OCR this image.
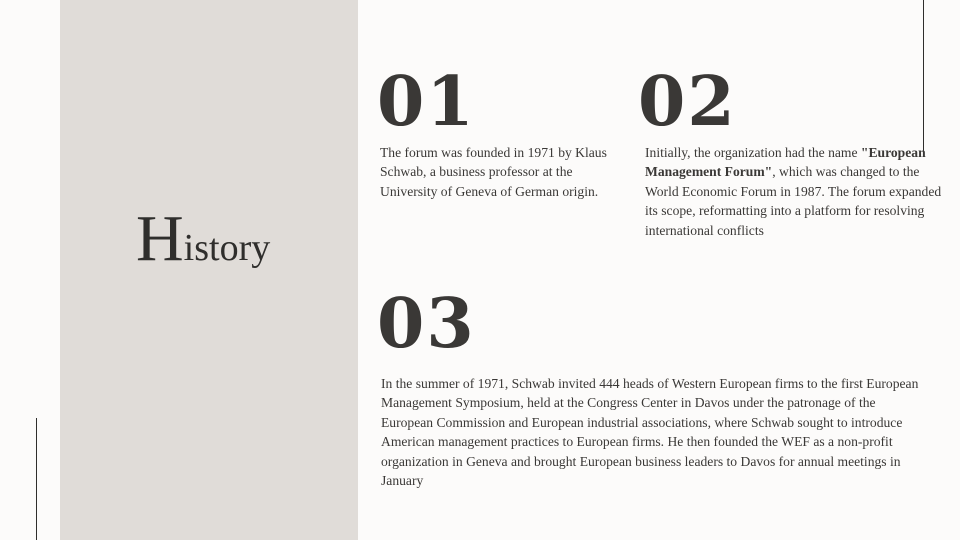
History
01
The forum was founded in 1971 by Klaus Schwab, a business professor at the University of Geneva of German origin.
02
Initially, the organization had the name "European Management Forum", which was changed to the World Economic Forum in 1987. The forum expanded its scope, reformatting into a platform for resolving international conflicts
03
In the summer of 1971, Schwab invited 444 heads of Western European firms to the first European Management Symposium, held at the Congress Center in Davos under the patronage of the European Commission and European industrial associations, where Schwab sought to introduce American management practices to European firms. He then founded the WEF as a non-profit organization in Geneva and brought European business leaders to Davos for annual meetings in January
